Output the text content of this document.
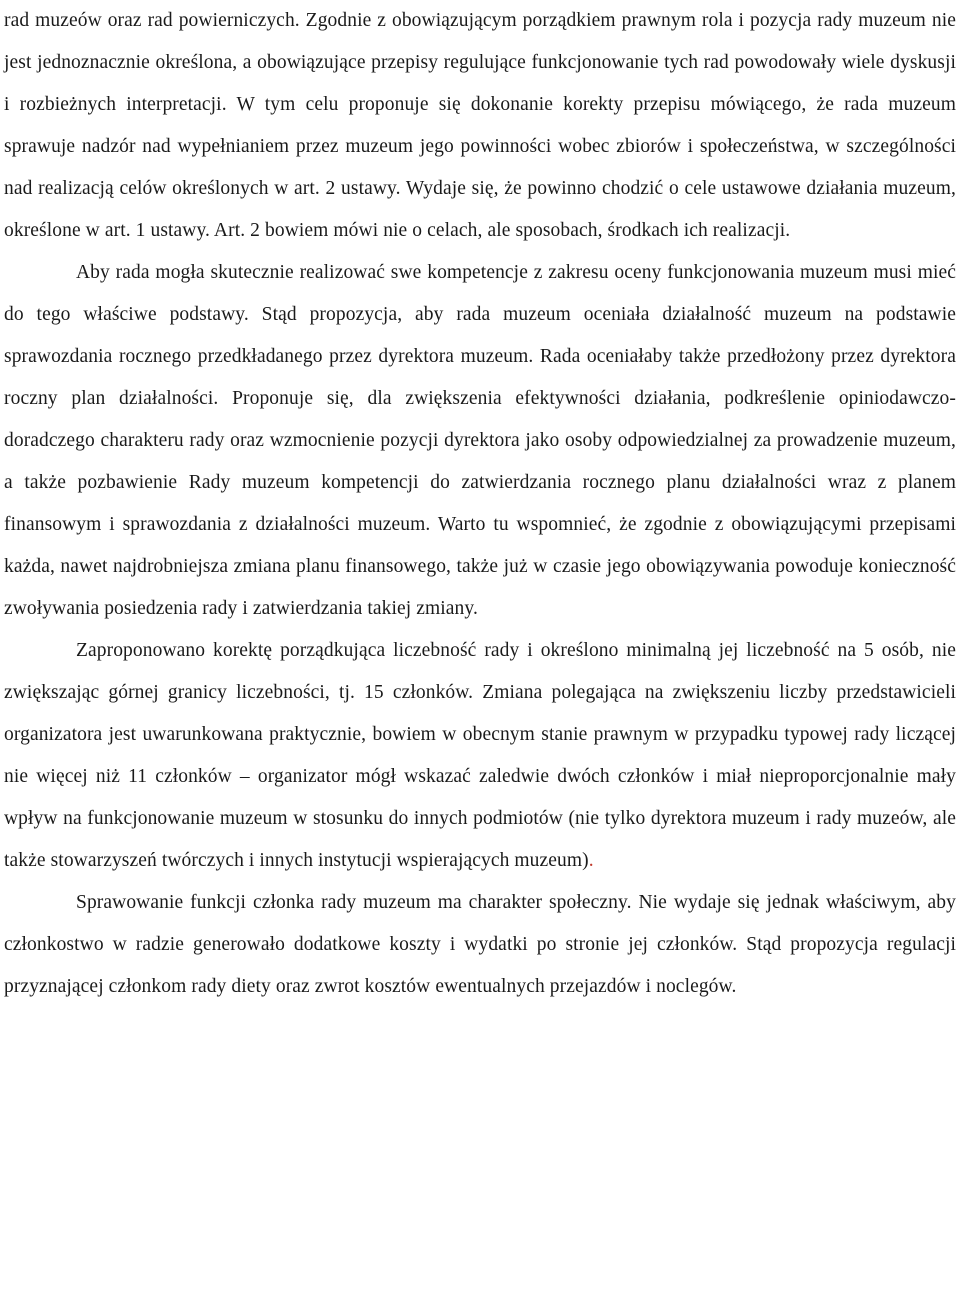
rad muzeów oraz rad powierniczych. Zgodnie z obowiązującym porządkiem prawnym rola i pozycja rady muzeum nie jest jednoznacznie określona, a obowiązujące przepisy regulujące funkcjonowanie tych rad powodowały wiele dyskusji i rozbieżnych interpretacji. W tym celu proponuje się dokonanie korekty przepisu mówiącego, że rada muzeum sprawuje nadzór nad wypełnianiem przez muzeum jego powinności wobec zbiorów i społeczeństwa, w szczególności nad realizacją celów określonych w art. 2 ustawy. Wydaje się, że powinno chodzić o cele ustawowe działania muzeum, określone w art. 1 ustawy. Art. 2 bowiem mówi nie o celach, ale sposobach, środkach ich realizacji.

Aby rada mogła skutecznie realizować swe kompetencje z zakresu oceny funkcjonowania muzeum musi mieć do tego właściwe podstawy. Stąd propozycja, aby rada muzeum oceniała działalność muzeum na podstawie sprawozdania rocznego przedkładanego przez dyrektora muzeum. Rada oceniałaby także przedłożony przez dyrektora roczny plan działalności. Proponuje się, dla zwiększenia efektywności działania, podkreślenie opiniodawczo-doradczego charakteru rady oraz wzmocnienie pozycji dyrektora jako osoby odpowiedzialnej za prowadzenie muzeum, a także pozbawienie Rady muzeum kompetencji do zatwierdzania rocznego planu działalności wraz z planem finansowym i sprawozdania z działalności muzeum. Warto tu wspomnieć, że zgodnie z obowiązującymi przepisami każda, nawet najdrobniejsza zmiana planu finansowego, także już w czasie jego obowiązywania powoduje konieczność zwoływania posiedzenia rady i zatwierdzania takiej zmiany.

Zaproponowano korektę porządkująca liczebność rady i określono minimalną jej liczebność na 5 osób, nie zwiększając górnej granicy liczebności, tj. 15 członków. Zmiana polegająca na zwiększeniu liczby przedstawicieli organizatora jest uwarunkowana praktycznie, bowiem w obecnym stanie prawnym w przypadku typowej rady liczącej nie więcej niż 11 członków – organizator mógł wskazać zaledwie dwóch członków i miał nieproporcjonalnie mały wpływ na funkcjonowanie muzeum w stosunku do innych podmiotów (nie tylko dyrektora muzeum i rady muzeów, ale także stowarzyszeń twórczych i innych instytucji wspierających muzeum).

Sprawowanie funkcji członka rady muzeum ma charakter społeczny. Nie wydaje się jednak właściwym, aby członkostwo w radzie generowało dodatkowe koszty i wydatki po stronie jej członków. Stąd propozycja regulacji przyznającej członkom rady diety oraz zwrot kosztów ewentualnych przejazdów i noclegów.
